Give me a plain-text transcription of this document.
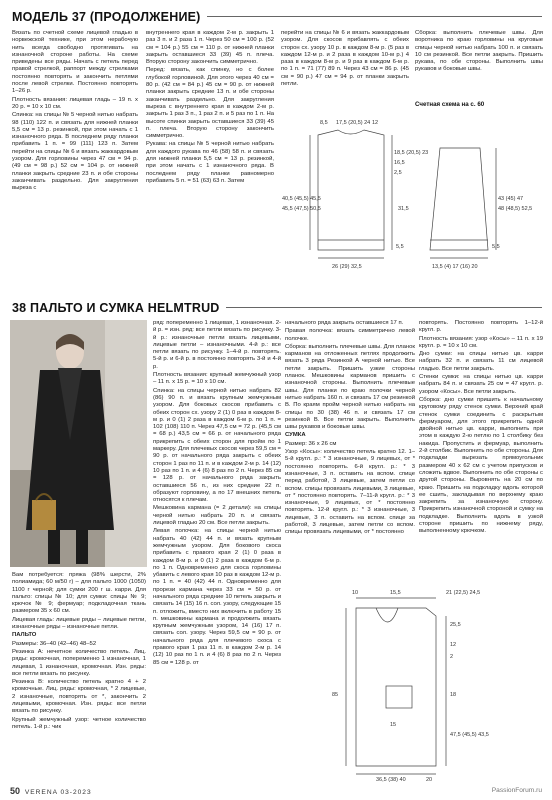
МОДЕЛЬ 37 (ПРОДОЛЖЕНИЕ)

Вязать по счетной схеме лицевой гладью в норвежской технике, при этом нерабочую нить всегда свободно протягивать на изнаночной стороне работы. На схеме приведены все ряды. Начать с петель перед правой стрелкой, раппорт между стрелками постоянно повторять и закончить петлями после левой стрелки. Постоянно повторять 1–26 р.

Плотность вязания: лицевая гладь – 19 п. x 20 р. = 10 x 10 см.

Спинка: на спицы № 5 черной нитью набрать 98 (110) 122 п. и связать для нижней планки 5,5 см = 13 р. резинкой, при этом начать с 1 изнаночного ряда. В последнем ряду планки прибавить 1 п. = 99 (111) 123 п. Затем перейти на спицы № 6 и вязать жаккардовым узором. Для горловины через 47 см = 94 р. (49 см = 98 р.) 52 см = 104 р. от нижней планки закрыть средние 23 п. и обе стороны заканчивать раздельно. Для закругления выреза с

внутреннего края в каждом 2-м р. закрыть 1 раз 3 п. и 2 раза 1 п. Через 50 см = 100 р. (52 см = 104 р.) 55 см = 110 р. от нижней планки закрыть оставшиеся 33 (39) 45 п. плеча. Вторую сторону закончить симметрично.

Перед: вязать, как спинку, но с более глубокой горловиной. Для этого через 40 см = 80 р. (42 см = 84 р.) 45 см = 90 р. от нижней планки закрыть средние 13 п. и обе стороны заканчивать раздельно. Для закругления выреза с внутреннего края в каждом 2-м р. закрыть 1 раз 3 п., 1 раз 2 п. и 5 раз по 1 п. На высоте спинки закрыть оставшиеся 33 (39) 45 п. плеча. Вторую сторону закончить симметрично.

Рукава: на спицы № 5 черной нитью набрать для каждого рукава по 46 (58) 58 п. и связать для нижней планки 5,5 см = 13 р. резинкой, при этом начать с 1 изнаночного ряда. В последнем ряду планки равномерно прибавить 5 п. = 51 (63) 63 п. Затем

перейти на спицы № 6 и вязать жаккардовым узором. Для скосов прибавлять с обеих сторон сх. узору 10 р. в каждом 8-м р. (5 раз в каждом 12-м р. и 2 раза в каждом 10-м р.) 4 раза в каждом 8-м р. и 9 раз в каждом 6-м р. по 1 п. = 71 (77) 89 п. Через 43 см = 86 р. (45 см = 90 р.) 47 см = 94 р. от планки закрыть петли.

Сборка: выполнить плечевые швы. Для воротника по краю горловины на круговые спицы черной нитью набрать 100 п. и связать 10 см резинкой. Все петли закрыть. Пришить рукава, по обе стороны. Выполнить швы рукавов и боковые швы.

Счетная схема на с. 60
17,5 (20,5) 24
8,5	12
18,5 (20,5) 23
16,5
2,5
40,5 (45,5) 45,5
45,5 (47,5) 50,5	31,5
43 (45) 47
48 (48,5) 52,5
5,5	5,5
26 (29) 32,5	13,5 (4) 17 (16) 20
38 ПАЛЬТО И СУМКА HELMTRUD

Вам потребуется: пряжа (98% шерсти, 2% полиамида; 60 м/50 г) – для пальто 1000 (1050) 1100 г черной; для сумки 200 г ш. карри. Для пальто: спицы № 10; для сумки: спицы № 9; крючок № 9; фермуар; подкладочная ткань размером 35 х 60 см.

Лицевая гладь: лицевые ряды – лицевые петли, изнаночные ряды – изнаночные петли.

ПАЛЬТО

Размеры: 36–40 (42–46) 48–52

Резинка А: нечетное количество петель. Лиц. ряды: кромочная, попеременно 1 изнаночная, 1 лицевая, 1 изнаночная, кромочная. Изн. ряды: все петли вязать по рисунку.

Резинка В: количество петель кратно 4 + 2 кромочные. Лиц. ряды: кромочная, * 2 лицевые, 2 изнаночные, повторять от *, закончить 2 лицевыми, кромочная. Изн. ряды: все петли вязать по рисунку.

Крупный жемчужный узор: четное количество петель. 1-й р.: чик

ряд: попеременно 1 лицевая, 1 изнаночная. 2-й р. = изн. ряд: все петли вязать по рисунку. 3-й р.: изнаночные петли вязать лицевыми, лицевые петли – изнаночными. 4-й р.: все петли вязать по рисунку. 1–4-й р. повторять. 5-й р. и 6-й р. в постоянно повторять 3-й и 4-й р.

Плотность вязания: крупный жемчужный узор – 11 п. x 15 р. = 10 x 10 см.

Спинка: на спицы черной нитью набрать 82 (86) 90 п. и вязать крупным жемчужным узором. Для боковых скосов прибавить с обеих сторон сх. узору 2 (1) 0 раз в каждом 8-м р. и 0 (1) 2 раза в каждом 6-м р. по 1 п. = 102 (108) 110 п. Через 47,5 см = 72 р. (45,5 см = 68 р.) 43,5 см = 66 р. от начального ряда прикрепить с обеих сторон для пройм по 1 маркеру. Для плечевых скосов через 59,5 см = 90 р. от начального ряда закрыть с обеих сторон 1 раз по 11 п. и в каждом 2-м р. 14 (12) 10 раз по 1 п. и 4 (6) 8 раз по 2 п. Через 85 см = 128 р. от начального ряда закрыть оставшиеся 56 п., из них средние 22 п. образуют горловину, а по 17 внешних петель относятся к плечам.

Мешковина кармана (= 2 детали): на спицы черной нитью набрать 20 п. и связать лицевой гладью 20 см. Все петли закрыть.

Левая полочка: на спицы черной нитью набрать 40 (42) 44 п. и вязать крупным жемчужным узором. Для бокового скоса прибавить с правого края 2 (1) 0 раза в каждом 8-м р. и 0 (1) 2 раза в каждом 6-м р. по 1 п. Одновременно для скоса горловины убавить с левого края 10 раз в каждом 12-м р. по 1 п. = 40 (42) 44 п. Одновременно для прорези кармана через 33 см = 50 р. от начального ряда средние 10 петель закрыть и связать 14 (15) 16 п. сол. узору, следующие 15 п. отложить, вместо них включить в работу 15 п. мешковины кармана и продолжить вязать крупным жемчужным узором, 14 (16) 17 п. связать сол. узору. Через 59,5 см = 90 р. от начального ряда для плечевого скоса с правого края 1 раз 11 п. в каждом 2-м р. 14 (12) 10 раз по 1 п. и 4 (6) 8 раз по 2 п. Через 85 см = 128 р. от

начального ряда закрыть оставшиеся 17 п.

Правая полочка: вязать симметрично левой полочке.

Сборка: выполнить плечевые швы. Для планок карманов на отложенных петлях продолжить вязать 3 ряда Резинкой А черной нитью. Все петли закрыть. Пришить узкие стороны планок. Мешковины карманов пришить с изнаночной стороны. Выполнить плечевые швы. Для планки по краю полочки черной нитью набрать 160 п. и связать 17 см резинкой В. По краям пройм черной нитью набрать на спицы по 30 (38) 46 п. и связать 17 см резинкой В. Все петли закрыть. Выполнить швы рукавов и боковые швы.

СУМКА

Размер: 36 x 26 см

Узор «Косы»: количество петель кратно 12. 1–5-й кругл. р.: * 3 изнаночные, 9 лицевых, от * постоянно повторять. 6-й кругл. р.: * 3 изнаночные, 3 п. оставить на вспом. спице перед работой, 3 лицевые, затем петли со вспом. спицы провязать лицевыми, 3 лицевые, от * постоянно повторять. 7–11-й кругл. р.: * 3 изнаночные, 9 лицевых, от * постоянно повторять. 12-й кругл. р.: * 3 изнаночные, 3 лицевые, 3 п. оставить на вспом. спице за работой, 3 лицевые, затем петли со вспом. спицы провязать лицевыми, от * постоянно

повторять. Постоянно повторять 1–12-й кругл. р.

Плотность вязания: узор «Косы» – 11 п. x 19 кругл. р. = 10 x 10 см.

Дно сумки: на спицы нитью цв. карри набрать 32 п. и связать 11 см лицевой гладью. Все петли закрыть.

Стенки сумки: на спицы нитью цв. карри набрать 84 п. и связать 25 см = 47 кругл. р. узором «Косы». Все петли закрыть.

Сборка: дно сумки пришить к начальному круговому ряду стенок сумки. Верхний край стенок сумки соединить с раскрытым фермуаром, для этого прикрепить одной двойной нитью цв. карри, выполнить при этом в каждую 2-ю петлю по 1 столбику без накида. Пропустить и фермуар, выполнить 2-й столбик. Выполнить по обе стороны. Для подкладки вырезать прямоугольник размером 40 x 62 см с учетом припусков и сложить вдвое. Выполнить по обе стороны с другой стороны. Выровнять на 20 см по краю. Пришить на подкладку вдоль которой ее сшить, закладывая по верхнему краю закрепить за изнаночную сторону. Прикрепить изнаночной стороной и сумку на подкладке. Выполнить вдоль в узкой стороне пришить по нижнему ряду, выполненному крючком.

10	15,5	21 (22,5) 24,5
25,5
12
2
18
85
47,5 (45,5) 43,5
36,5 (38) 40	20
15
50 VERENA 03-2023	PassionForum.ru
